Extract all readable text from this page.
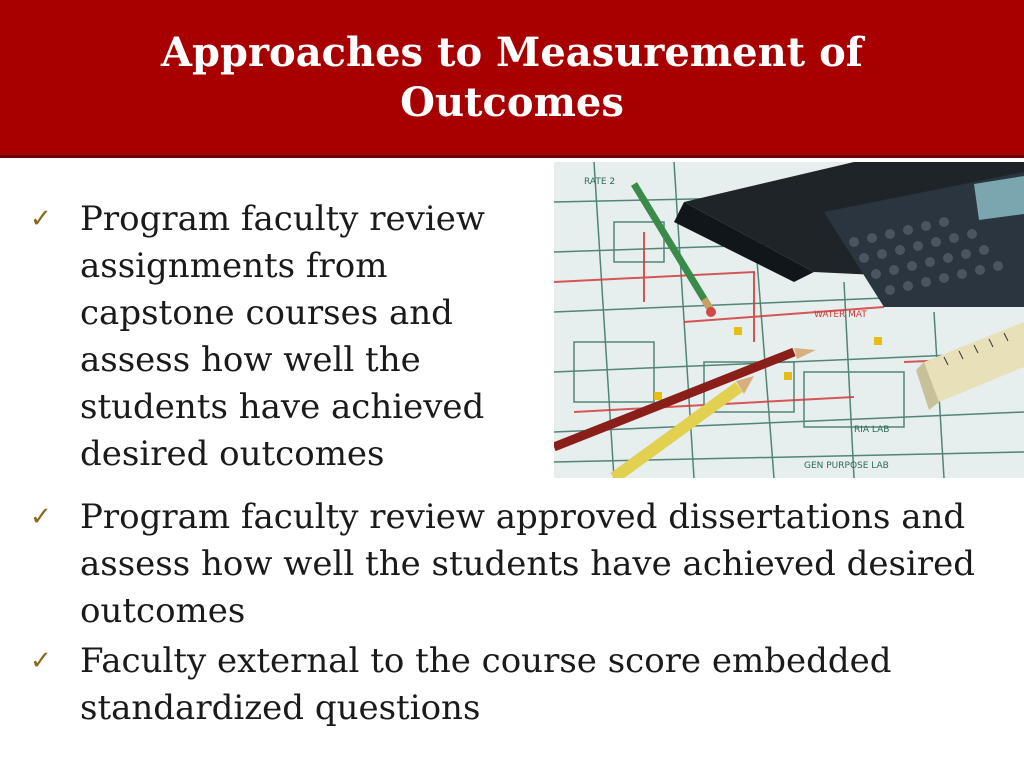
Approaches to Measurement of Outcomes
✓ Program faculty review assignments from capstone courses and assess how well the students have achieved desired outcomes
RATE 2
WATER MAT
RIA LAB
GEN PURPOSE LAB
✓ Program faculty review approved dissertations and assess how well the students have achieved desired outcomes
✓ Faculty external to the course score embedded standardized questions
